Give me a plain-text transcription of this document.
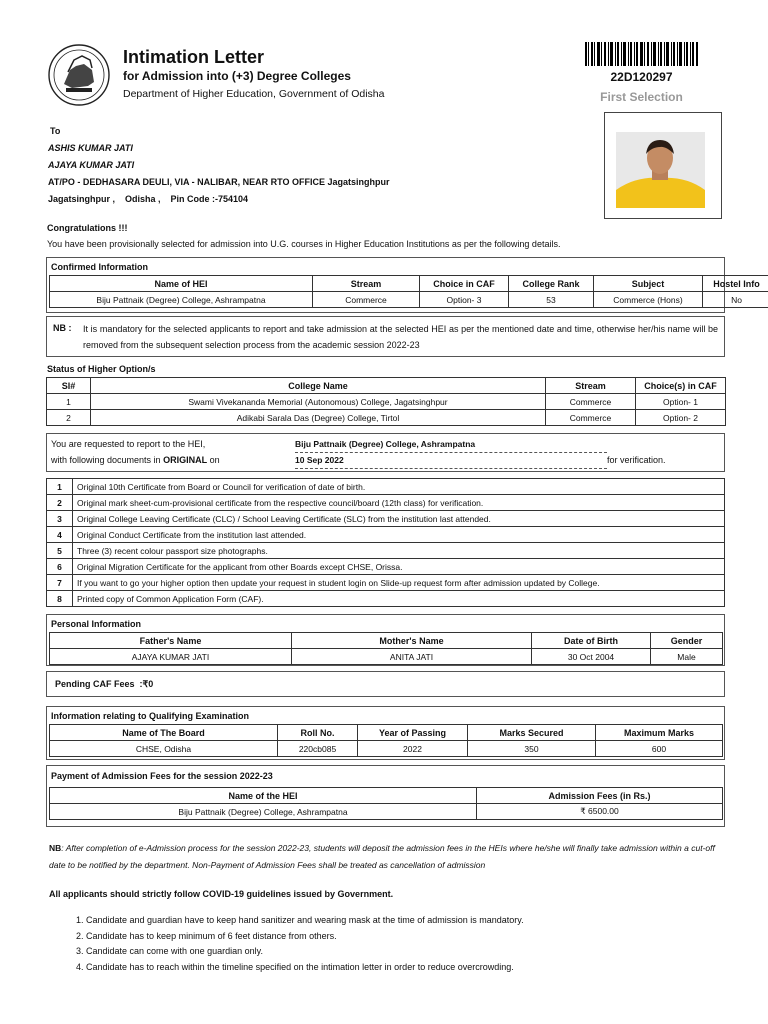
Intimation Letter
for Admission into (+3) Degree Colleges
Department of Higher Education, Government of Odisha
22D120297
First Selection
To
ASHIS KUMAR JATI
AJAYA KUMAR JATI
AT/PO - DEDHASARA DEULI, VIA - NALIBAR, NEAR RTO OFFICE Jagatsinghpur
Jagatsinghpur ,    Odisha ,    Pin Code :-754104
Congratulations !!!
You have been provisionally selected for admission into U.G. courses in Higher Education Institutions as per the following details.
Confirmed Information
Name of HEI	Stream	Choice in CAF	College Rank	Subject	Hostel Info
Biju Pattnaik (Degree) College, Ashrampatna	Commerce	Option- 3	53	Commerce (Hons)	No
NB :	It is mandatory for the selected applicants to report and take admission at the selected HEI as per the mentioned date and time, otherwise her/his name will be removed from the subsequent selection process from the academic session 2022-23
Status of Higher Option/s
Sl#	College Name	Stream	Choice(s) in CAF
1	Swami Vivekananda Memorial (Autonomous) College, Jagatsinghpur	Commerce	Option- 1
2	Adikabi Sarala Das (Degree) College, Tirtol	Commerce	Option- 2
You are requested to report to the HEI,
with following documents in ORIGINAL on
Biju Pattnaik (Degree) College, Ashrampatna
10 Sep 2022	for verification.
1	Original 10th Certificate from Board or Council for verification of date of birth.
2	Original mark sheet-cum-provisional certificate from the respective council/board (12th class) for verification.
3	Original College Leaving Certificate (CLC) / School Leaving Certificate (SLC) from the institution last attended.
4	Original Conduct Certificate from the institution last attended.
5	Three (3) recent colour passport size photographs.
6	Original Migration Certificate for the applicant from other Boards except CHSE, Orissa.
7	If you want to go your higher option then update your request in student login on Slide-up request form after admission updated by College.
8	Printed copy of Common Application Form (CAF).
Personal Information
Father's Name	Mother's Name	Date of Birth	Gender
AJAYA KUMAR JATI	ANITA JATI	30 Oct 2004	Male
Pending CAF Fees  :₹0
Information relating to Qualifying Examination
Name of The Board	Roll No.	Year of Passing	Marks Secured	Maximum Marks
CHSE, Odisha	220cb085	2022	350	600
Payment of Admission Fees for the session 2022-23
Name of the HEI	Admission Fees (in Rs.)
Biju Pattnaik (Degree) College, Ashrampatna	₹ 6500.00
NB: After completion of e-Admission process for the session 2022-23, students will deposit the admission fees in the HEIs where he/she will finally take admission within a cut-off date to be notified by the department. Non-Payment of Admission Fees shall be treated as cancellation of admission
All applicants should strictly follow COVID-19 guidelines issued by Government.
1. Candidate and guardian have to keep hand sanitizer and wearing mask at the time of admission is mandatory.
2. Candidate has to keep minimum of 6 feet distance from others.
3. Candidate can come with one guardian only.
4. Candidate has to reach within the timeline specified on the intimation letter in order to reduce overcrowding.
